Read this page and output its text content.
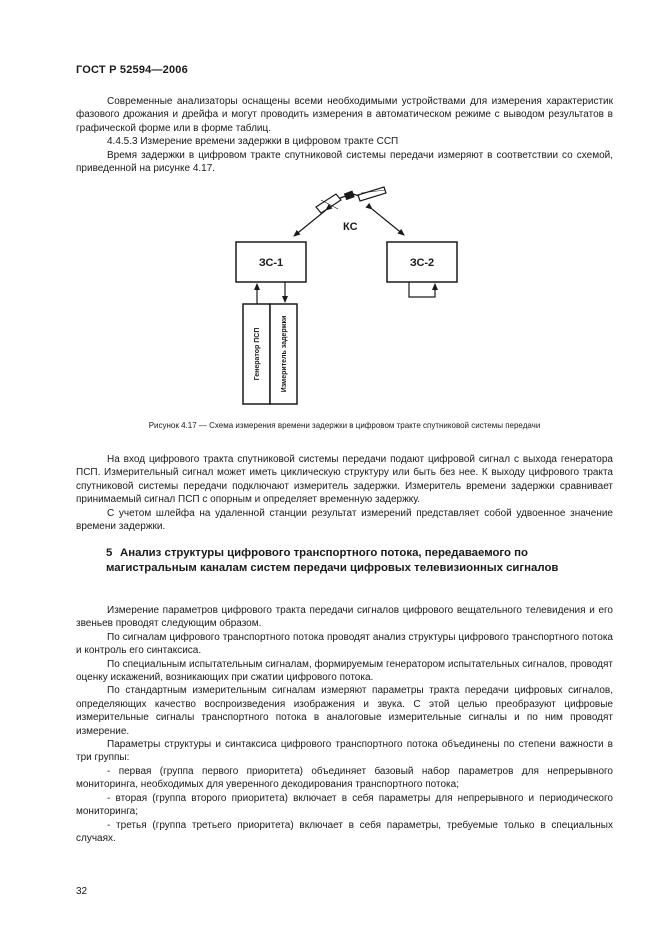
ГОСТ Р 52594—2006

Современные анализаторы оснащены всеми необходимыми устройствами для измерения характеристик фазового дрожания и дрейфа и могут проводить измерения в автоматическом режиме с выводом результатов в графической форме или в форме таблиц.

4.4.5.3 Измерение времени задержки в цифровом тракте ССП

Время задержки в цифровом тракте спутниковой системы передачи измеряют в соответствии со схемой, приведенной на рисунке 4.17.

КС
ЗС-1	ЗС-2
Генератор ПСП	Измеритель задержки
Рисунок 4.17 — Схема измерения времени задержки в цифровом тракте спутниковой системы передачи

На вход цифрового тракта спутниковой системы передачи подают цифровой сигнал с выхода генератора ПСП. Измерительный сигнал может иметь циклическую структуру или быть без нее. К выходу цифрового тракта спутниковой системы передачи подключают измеритель задержки. Измеритель времени задержки сравнивает принимаемый сигнал ПСП с опорным и определяет временную задержку.

С учетом шлейфа на удаленной станции результат измерений представляет собой удвоенное значение времени задержки.

5 Анализ структуры цифрового транспортного потока, передаваемого по магистральным каналам систем передачи цифровых телевизионных сигналов

Измерение параметров цифрового тракта передачи сигналов цифрового вещательного телевидения и его звеньев проводят следующим образом.

По сигналам цифрового транспортного потока проводят анализ структуры цифрового транспортного потока и контроль его синтаксиса.

По специальным испытательным сигналам, формируемым генератором испытательных сигналов, проводят оценку искажений, возникающих при сжатии цифрового потока.

По стандартным измерительным сигналам измеряют параметры тракта передачи цифровых сигналов, определяющих качество воспроизведения изображения и звука. С этой целью преобразуют цифровые измерительные сигналы транспортного потока в аналоговые измерительные сигналы и по ним проводят измерение.

Параметры структуры и синтаксиса цифрового транспортного потока объединены по степени важности в три группы:

- первая (группа первого приоритета) объединяет базовый набор параметров для непрерывного мониторинга, необходимых для уверенного декодирования транспортного потока;

- вторая (группа второго приоритета) включает в себя параметры для непрерывного и периодического мониторинга;

- третья (группа третьего приоритета) включает в себя параметры, требуемые только в специальных случаях.

32
